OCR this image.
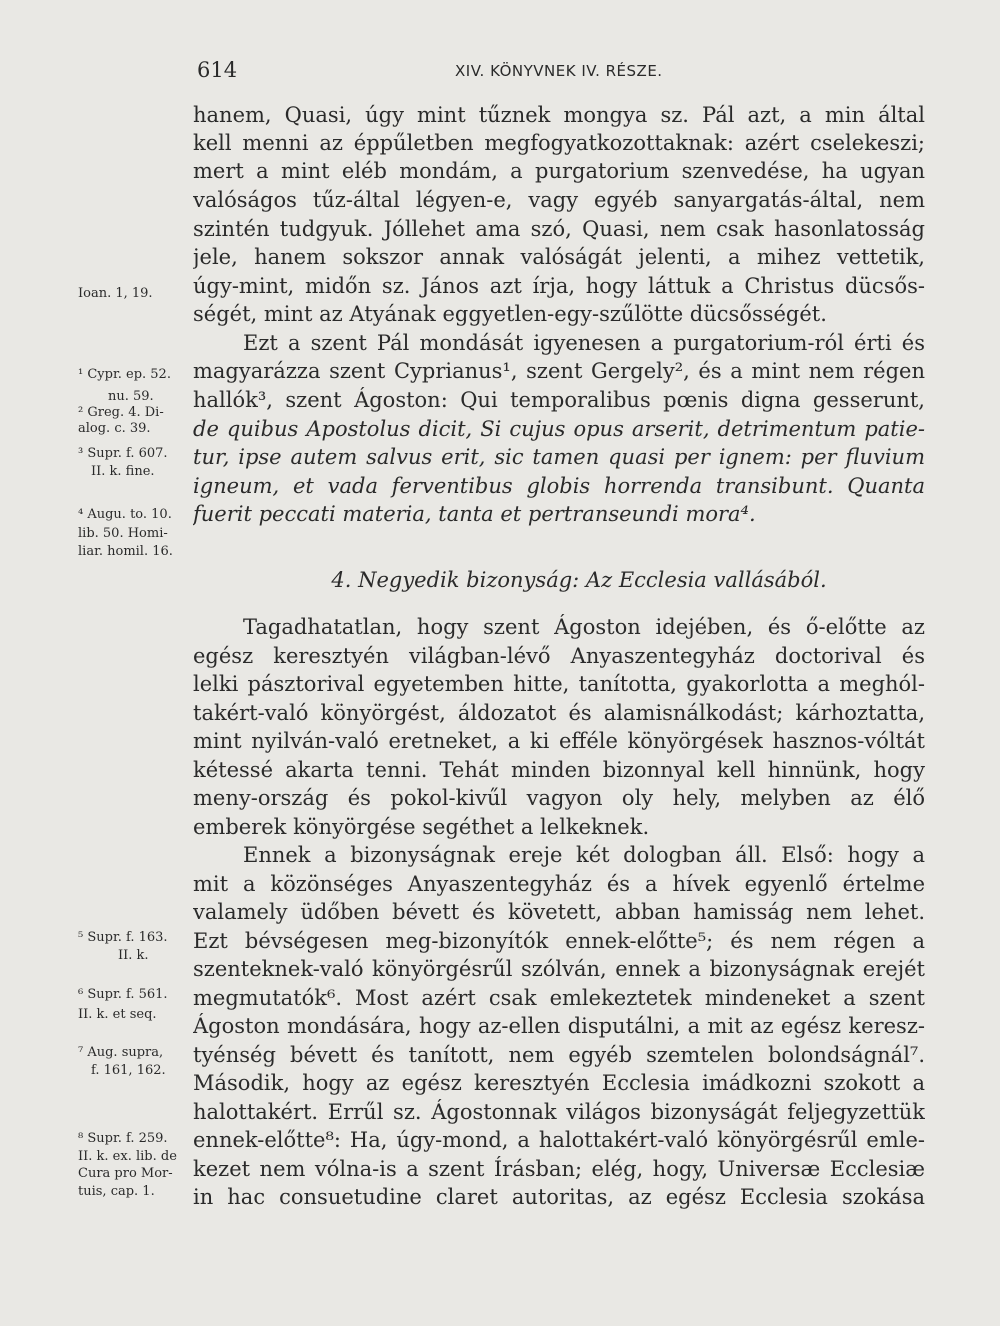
614	XIV. KÖNYVNEK IV. RÉSZE.
hanem, Quasi, úgy mint tűznek mongya sz. Pál azt, a min által
kell menni az éppűletben megfogyatkozottaknak: azért cselekeszi;
mert a mint eléb mondám, a purgatorium szenvedése, ha ugyan
valóságos tűz-által légyen-e, vagy egyéb sanyargatás-által, nem
szintén tudgyuk. Jóllehet ama szó, Quasi, nem csak hasonlatosság
jele, hanem sokszor annak valóságát jelenti, a mihez vettetik,
úgy-mint, midőn sz. János azt írja, hogy láttuk a Christus dücsős-
ségét, mint az Atyának eggyetlen-egy-szűlötte dücsősségét.
Ezt a szent Pál mondását igyenesen a purgatorium-ról érti és
magyarázza szent Cyprianus¹, szent Gergely², és a mint nem régen
hallók³, szent Ágoston: Qui temporalibus pœnis digna gesserunt,
de quibus Apostolus dicit, Si cujus opus arserit, detrimentum patie-
tur, ipse autem salvus erit, sic tamen quasi per ignem: per fluvium
igneum, et vada ferventibus globis horrenda transibunt. Quanta
fuerit peccati materia, tanta et pertranseundi mora⁴.
4. Negyedik bizonyság: Az Ecclesia vallásából.
Tagadhatatlan, hogy szent Ágoston idejében, és ő-előtte az
egész keresztyén világban-lévő Anyaszentegyház doctorival és
lelki pásztorival egyetemben hitte, tanította, gyakorlotta a meghól-
takért-való könyörgést, áldozatot és alamisnálkodást; kárhoztatta,
mint nyilván-való eretneket, a ki efféle könyörgések hasznos-vóltát
kétessé akarta tenni. Tehát minden bizonnyal kell hinnünk, hogy
meny-ország és pokol-kivűl vagyon oly hely, melyben az élő
emberek könyörgése segéthet a lelkeknek.
Ennek a bizonyságnak ereje két dologban áll. Első: hogy a
mit a közönséges Anyaszentegyház és a hívek egyenlő értelme
valamely üdőben bévett és követett, abban hamisság nem lehet.
Ezt bévségesen meg-bizonyítók ennek-előtte⁵; és nem régen a
szenteknek-való könyörgésrűl szólván, ennek a bizonyságnak erejét
megmutatók⁶. Most azért csak emlekeztetek mindeneket a szent
Ágoston mondására, hogy az-ellen disputálni, a mit az egész keresz-
tyénség bévett és tanított, nem egyéb szemtelen bolondságnál⁷.
Második, hogy az egész keresztyén Ecclesia imádkozni szokott a
halottakért. Errűl sz. Ágostonnak világos bizonyságát feljegyzettük
ennek-előtte⁸: Ha, úgy-mond, a halottakért-való könyörgésrűl emle-
kezet nem vólna-is a szent Írásban; elég, hogy, Universæ Ecclesiæ
in hac consuetudine claret autoritas, az egész Ecclesia szokása
Ioan. 1, 19.
¹ Cypr. ep. 52.
nu. 59.
² Greg. 4. Di-
alog. c. 39.
³ Supr. f. 607.
II. k. fine.
⁴ Augu. to. 10.
lib. 50. Homi-
liar. homil. 16.
⁵ Supr. f. 163.
II. k.
⁶ Supr. f. 561.
II. k. et seq.
⁷ Aug. supra,
f. 161, 162.
⁸ Supr. f. 259.
II. k. ex. lib. de
Cura pro Mor-
tuis, cap. 1.
